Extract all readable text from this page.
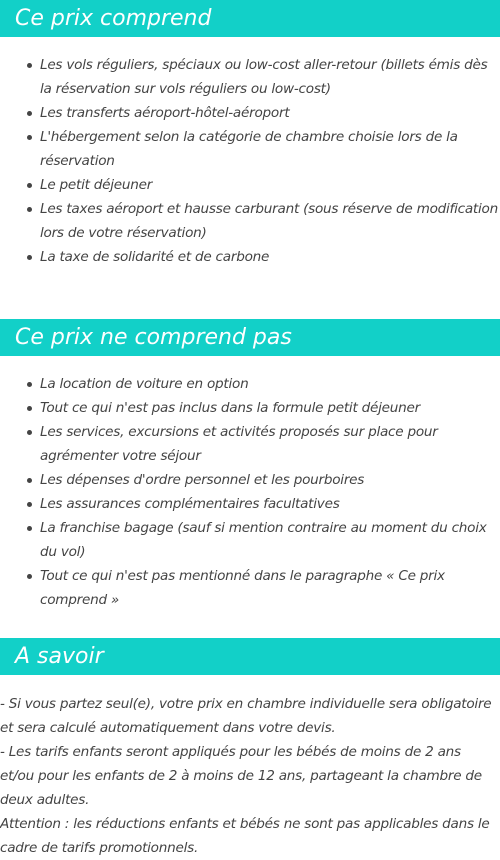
Ce prix comprend
Les vols réguliers, spéciaux ou low-cost aller-retour (billets émis dès la réservation sur vols réguliers ou low-cost)
Les transferts aéroport-hôtel-aéroport
L'hébergement selon la catégorie de chambre choisie lors de la réservation
Le petit déjeuner
Les taxes aéroport et hausse carburant (sous réserve de modification lors de votre réservation)
La taxe de solidarité et de carbone
Ce prix ne comprend pas
La location de voiture en option
Tout ce qui n'est pas inclus dans la formule petit déjeuner
Les services, excursions et activités proposés sur place pour agrémenter votre séjour
Les dépenses d'ordre personnel et les pourboires
Les assurances complémentaires facultatives
La franchise bagage (sauf si mention contraire au moment du choix du vol)
Tout ce qui n'est pas mentionné dans le paragraphe « Ce prix comprend »
A savoir

- Si vous partez seul(e), votre prix en chambre individuelle sera obligatoire et sera calculé automatiquement dans votre devis.

- Les tarifs enfants seront appliqués pour les bébés de moins de 2 ans et/ou pour les enfants de 2 à moins de 12 ans, partageant la chambre de deux adultes.

Attention : les réductions enfants et bébés ne sont pas applicables dans le cadre de tarifs promotionnels.
